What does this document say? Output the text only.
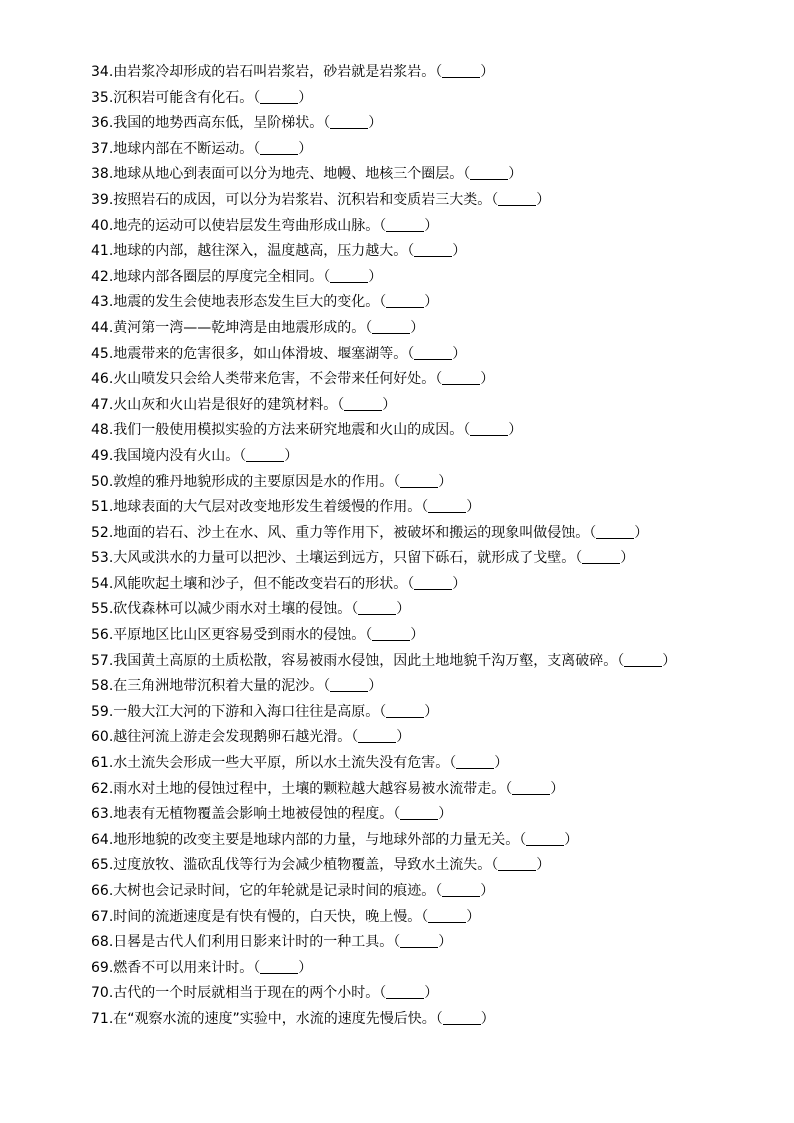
34.由岩浆冷却形成的岩石叫岩浆岩，砂岩就是岩浆岩。（	）
35.沉积岩可能含有化石。（	）
36.我国的地势西高东低，呈阶梯状。（	）
37.地球内部在不断运动。（	）
38.地球从地心到表面可以分为地壳、地幔、地核三个圈层。（	）
39.按照岩石的成因，可以分为岩浆岩、沉积岩和变质岩三大类。（	）
40.地壳的运动可以使岩层发生弯曲形成山脉。（	）
41.地球的内部，越往深入，温度越高，压力越大。（	）
42.地球内部各圈层的厚度完全相同。（	）
43.地震的发生会使地表形态发生巨大的变化。（	）
44.黄河第一湾——乾坤湾是由地震形成的。（	）
45.地震带来的危害很多，如山体滑坡、堰塞湖等。（	）
46.火山喷发只会给人类带来危害，不会带来任何好处。（	）
47.火山灰和火山岩是很好的建筑材料。（	）
48.我们一般使用模拟实验的方法来研究地震和火山的成因。（	）
49.我国境内没有火山。（	）
50.敦煌的雅丹地貌形成的主要原因是水的作用。（	）
51.地球表面的大气层对改变地形发生着缓慢的作用。（	）
52.地面的岩石、沙土在水、风、重力等作用下，被破坏和搬运的现象叫做侵蚀。（	）
53.大风或洪水的力量可以把沙、土壤运到远方，只留下砾石，就形成了戈壁。（	）
54.风能吹起土壤和沙子，但不能改变岩石的形状。（	）
55.砍伐森林可以减少雨水对土壤的侵蚀。（	）
56.平原地区比山区更容易受到雨水的侵蚀。（	）
57.我国黄土高原的土质松散，容易被雨水侵蚀，因此土地地貌千沟万壑，支离破碎。（	）
58.在三角洲地带沉积着大量的泥沙。（	）
59.一般大江大河的下游和入海口往往是高原。（	）
60.越往河流上游走会发现鹅卵石越光滑。（	）
61.水土流失会形成一些大平原，所以水土流失没有危害。（	）
62.雨水对土地的侵蚀过程中，土壤的颗粒越大越容易被水流带走。（	）
63.地表有无植物覆盖会影响土地被侵蚀的程度。（	）
64.地形地貌的改变主要是地球内部的力量，与地球外部的力量无关。（	）
65.过度放牧、滥砍乱伐等行为会减少植物覆盖，导致水土流失。（	）
66.大树也会记录时间，它的年轮就是记录时间的痕迹。（	）
67.时间的流逝速度是有快有慢的，白天快，晚上慢。（	）
68.日晷是古代人们利用日影来计时的一种工具。（	）
69.燃香不可以用来计时。（	）
70.古代的一个时辰就相当于现在的两个小时。（	）
71.在“观察水流的速度”实验中，水流的速度先慢后快。（	）
